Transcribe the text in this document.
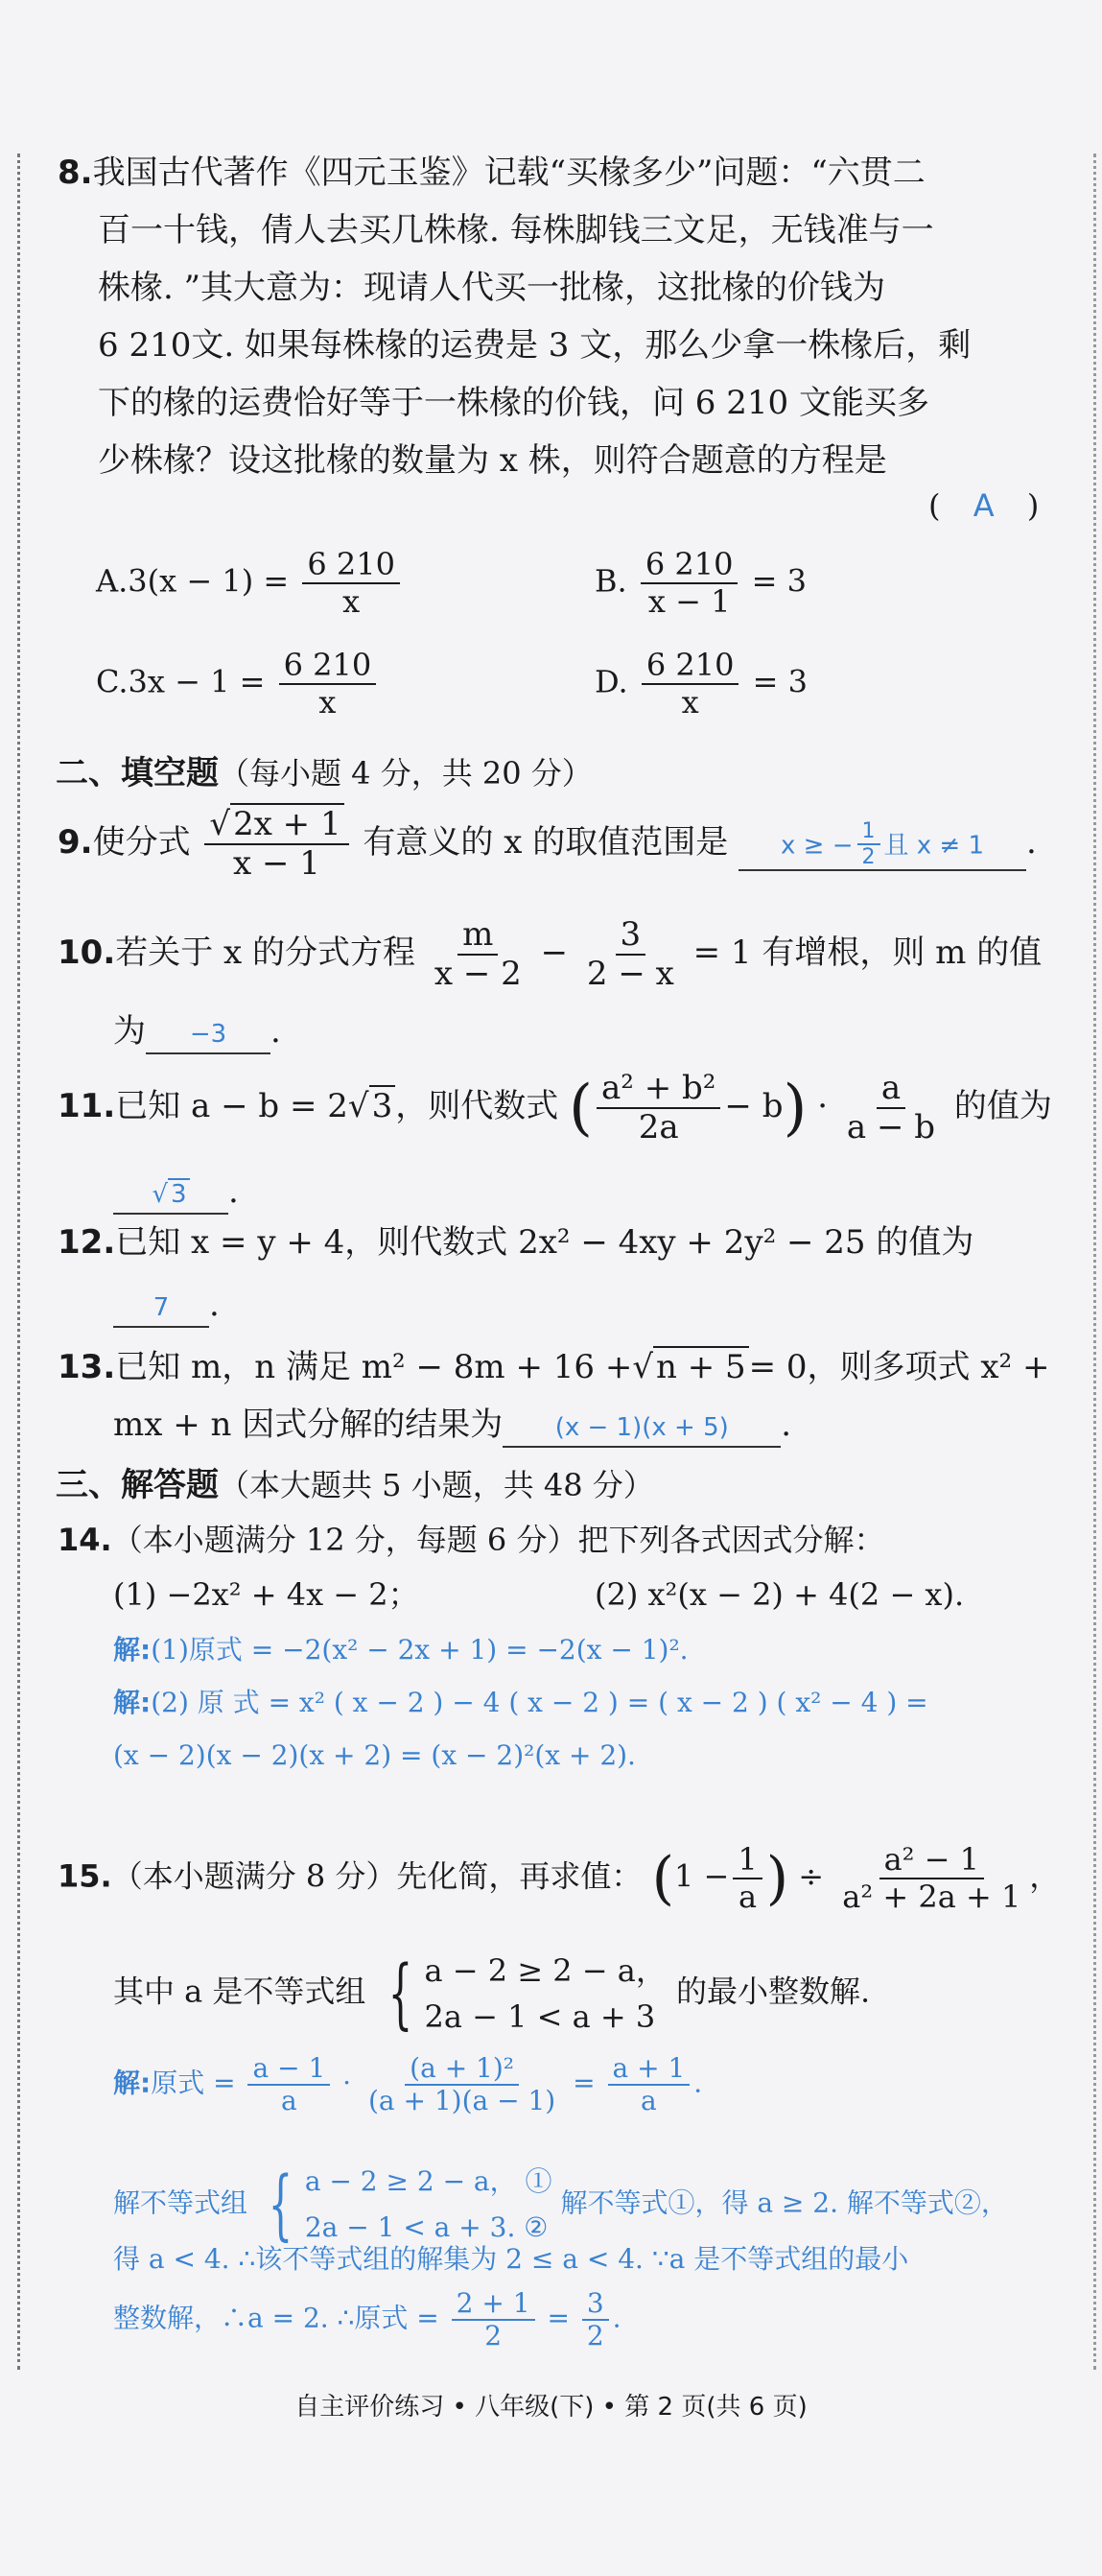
8.我国古代著作《四元玉鉴》记载“买椽多少”问题：“六贯二
百一十钱，倩人去买几株椽. 每株脚钱三文足，无钱准与一
株椽. ”其大意为：现请人代买一批椽，这批椽的价钱为
6 210文. 如果每株椽的运费是 3 文，那么少拿一株椽后，剩
下的椽的运费恰好等于一株椽的价钱，问 6 210 文能买多
少株椽？设这批椽的数量为 x 株，则符合题意的方程是
( A )
$A.3(x - 1) = \frac{6 210}{x}$	B. $\frac{6 210}{x - 1} = 3$
$C.3x - 1 = \frac{6 210}{x}$	D. $\frac{6 210}{x} = 3$
二、填空题（每小题 4 分，共 20 分）
9.使分式 $\frac{√2x + 1}{x - 1}$ 有意义的 x 的取值范围是 x ≥ − $\frac{1}{2}$ 且 x ≠ 1 .
10.若关于 x 的分式方程 $\frac{m}{x - 2} - \frac{3}{2 - x} = 1$ 有增根，则 m 的值
为 −3 .
11.已知 a − b = 2√3，则代数式 ( $\frac{\text{a² + b²}}{2a} - b) \cdot \frac{a}{a - b}$ 的值为
√ 3 .
12.已知 x = y + 4，则代数式 2x² − 4xy + 2y² − 25 的值为
7 .
13.已知 m，n 满足 m² − 8m + 16 +√n + 5= 0，则多项式 x² +
mx + n 因式分解的结果为 (x − 1)(x + 5) .
三、解答题（本大题共 5 小题，共 48 分）
14.（本小题满分 12 分，每题 6 分）把下列各式因式分解：
(1) −2x² + 4x − 2；	(2) x²(x − 2) + 4(2 − x).
解:(1)原式 = −2(x² − 2x + 1) = −2(x − 1)².
解:(2) 原 式 = x² ( x − 2 ) − 4 ( x − 2 ) = ( x − 2 ) ( x² − 4 ) =
(x − 2)(x − 2)(x + 2) = (x − 2)²(x + 2).
15.（本小题满分 8 分）先化简，再求值： ($1 - \frac{1}{a}$ ) ÷ $\frac{\text{a² − 1}}{\text{a² + 2a + 1}}$ ，
其中 a 是不等式组 { a − 2 ≥ 2 − a，
2a − 1 < a + 3
的最小整数解.
解:原式 = $\frac{a - 1}{a} \cdot \frac{\text{(a + 1)²}}{(a + 1)(a - 1)} = \frac{a + 1}{a}$ .
解不等式组 { a − 2 ≥ 2 − a， ①
2a − 1 < a + 3. ②
解不等式①，得 a ≥ 2. 解不等式②，
得 a < 4. ∴该不等式组的解集为 2 ≤ a < 4. ∵a 是不等式组的最小
整数解，∴a = 2. ∴原式 = $\frac{2 + 1}{2} = \frac{3}{2}$ .
自主评价练习 • 八年级(下) • 第 2 页(共 6 页)
